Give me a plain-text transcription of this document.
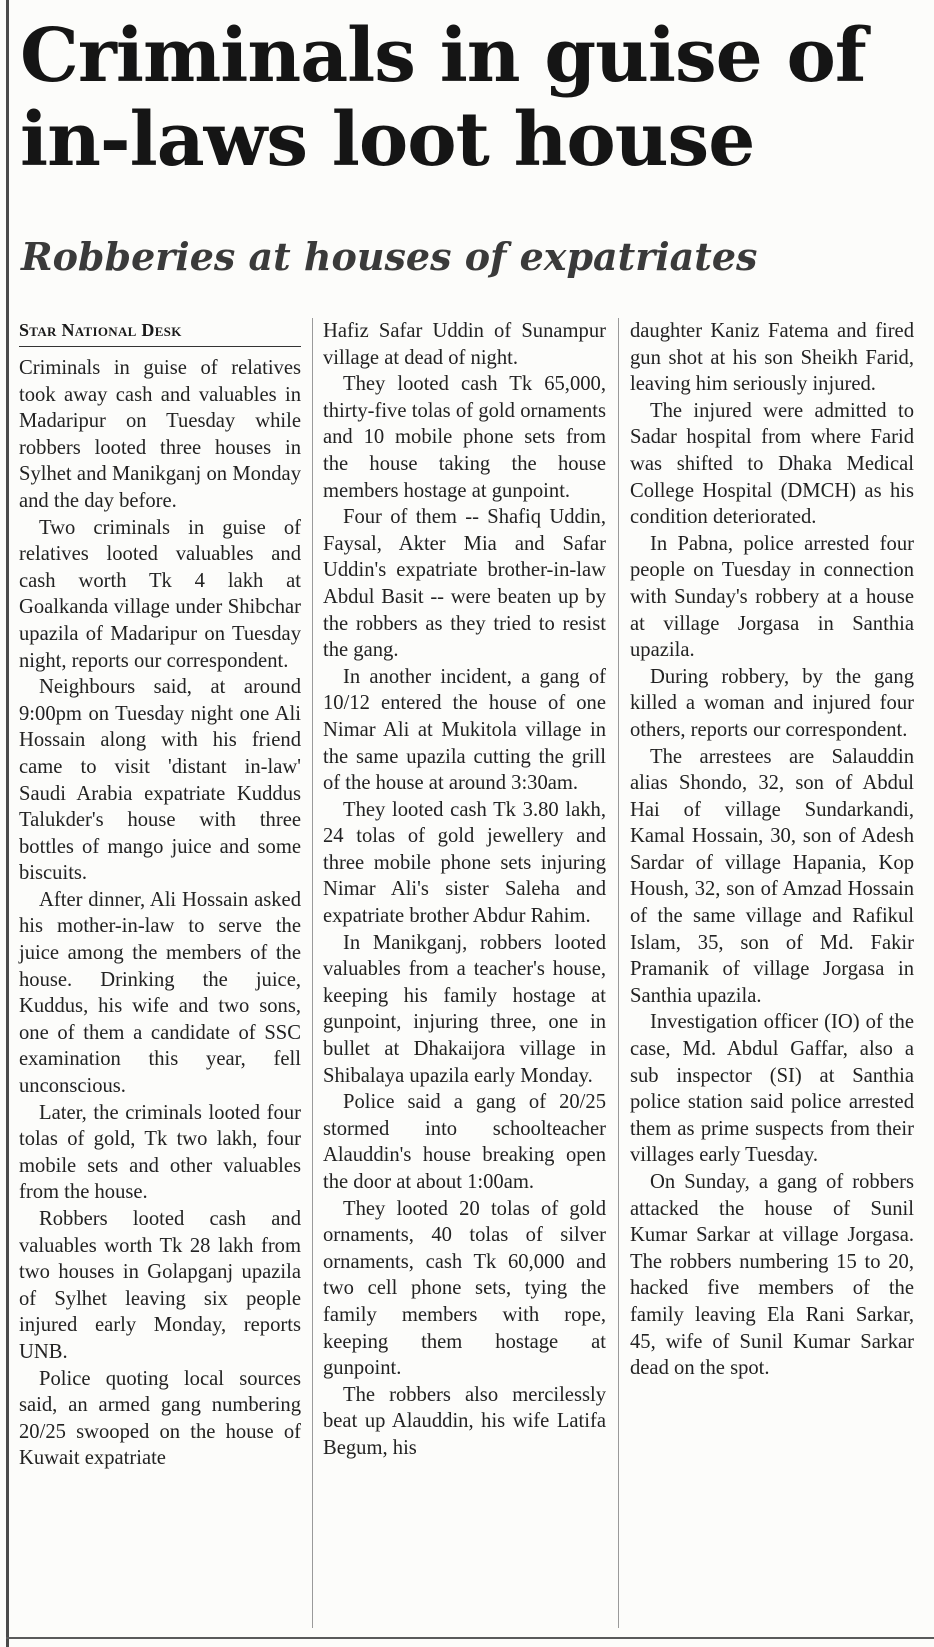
Criminals in guise of
in-laws loot house
Robberies at houses of expatriates
Star National Desk

Criminals in guise of relatives took away cash and valuables in Madaripur on Tuesday while robbers looted three houses in Sylhet and Manikganj on Monday and the day before.

Two criminals in guise of relatives looted valuables and cash worth Tk 4 lakh at Goalkanda village under Shibchar upazila of Madaripur on Tuesday night, reports our correspondent.

Neighbours said, at around 9:00pm on Tuesday night one Ali Hossain along with his friend came to visit 'distant in-law' Saudi Arabia expatriate Kuddus Talukder's house with three bottles of mango juice and some biscuits.

After dinner, Ali Hossain asked his mother-in-law to serve the juice among the members of the house. Drinking the juice, Kuddus, his wife and two sons, one of them a candidate of SSC examination this year, fell unconscious.

Later, the criminals looted four tolas of gold, Tk two lakh, four mobile sets and other valuables from the house.

Robbers looted cash and valuables worth Tk 28 lakh from two houses in Golapganj upazila of Sylhet leaving six people injured early Monday, reports UNB.

Police quoting local sources said, an armed gang numbering 20/25 swooped on the house of Kuwait expatriate

Hafiz Safar Uddin of Sunampur village at dead of night.

They looted cash Tk 65,000, thirty-five tolas of gold ornaments and 10 mobile phone sets from the house taking the house members hostage at gunpoint.

Four of them -- Shafiq Uddin, Faysal, Akter Mia and Safar Uddin's expatriate brother-in-law Abdul Basit -- were beaten up by the robbers as they tried to resist the gang.

In another incident, a gang of 10/12 entered the house of one Nimar Ali at Mukitola village in the same upazila cutting the grill of the house at around 3:30am.

They looted cash Tk 3.80 lakh, 24 tolas of gold jewellery and three mobile phone sets injuring Nimar Ali's sister Saleha and expatriate brother Abdur Rahim.

In Manikganj, robbers looted valuables from a teacher's house, keeping his family hostage at gunpoint, injuring three, one in bullet at Dhakaijora village in Shibalaya upazila early Monday.

Police said a gang of 20/25 stormed into schoolteacher Alauddin's house breaking open the door at about 1:00am.

They looted 20 tolas of gold ornaments, 40 tolas of silver ornaments, cash Tk 60,000 and two cell phone sets, tying the family members with rope, keeping them hostage at gunpoint.

The robbers also mercilessly beat up Alauddin, his wife Latifa Begum, his

daughter Kaniz Fatema and fired gun shot at his son Sheikh Farid, leaving him seriously injured.

The injured were admitted to Sadar hospital from where Farid was shifted to Dhaka Medical College Hospital (DMCH) as his condition deteriorated.

In Pabna, police arrested four people on Tuesday in connection with Sunday's robbery at a house at village Jorgasa in Santhia upazila.

During robbery, by the gang killed a woman and injured four others, reports our correspondent.

The arrestees are Salauddin alias Shondo, 32, son of Abdul Hai of village Sundarkandi, Kamal Hossain, 30, son of Adesh Sardar of village Hapania, Kop Housh, 32, son of Amzad Hossain of the same village and Rafikul Islam, 35, son of Md. Fakir Pramanik of village Jorgasa in Santhia upazila.

Investigation officer (IO) of the case, Md. Abdul Gaffar, also a sub inspector (SI) at Santhia police station said police arrested them as prime suspects from their villages early Tuesday.

On Sunday, a gang of robbers attacked the house of Sunil Kumar Sarkar at village Jorgasa. The robbers numbering 15 to 20, hacked five members of the family leaving Ela Rani Sarkar, 45, wife of Sunil Kumar Sarkar dead on the spot.
